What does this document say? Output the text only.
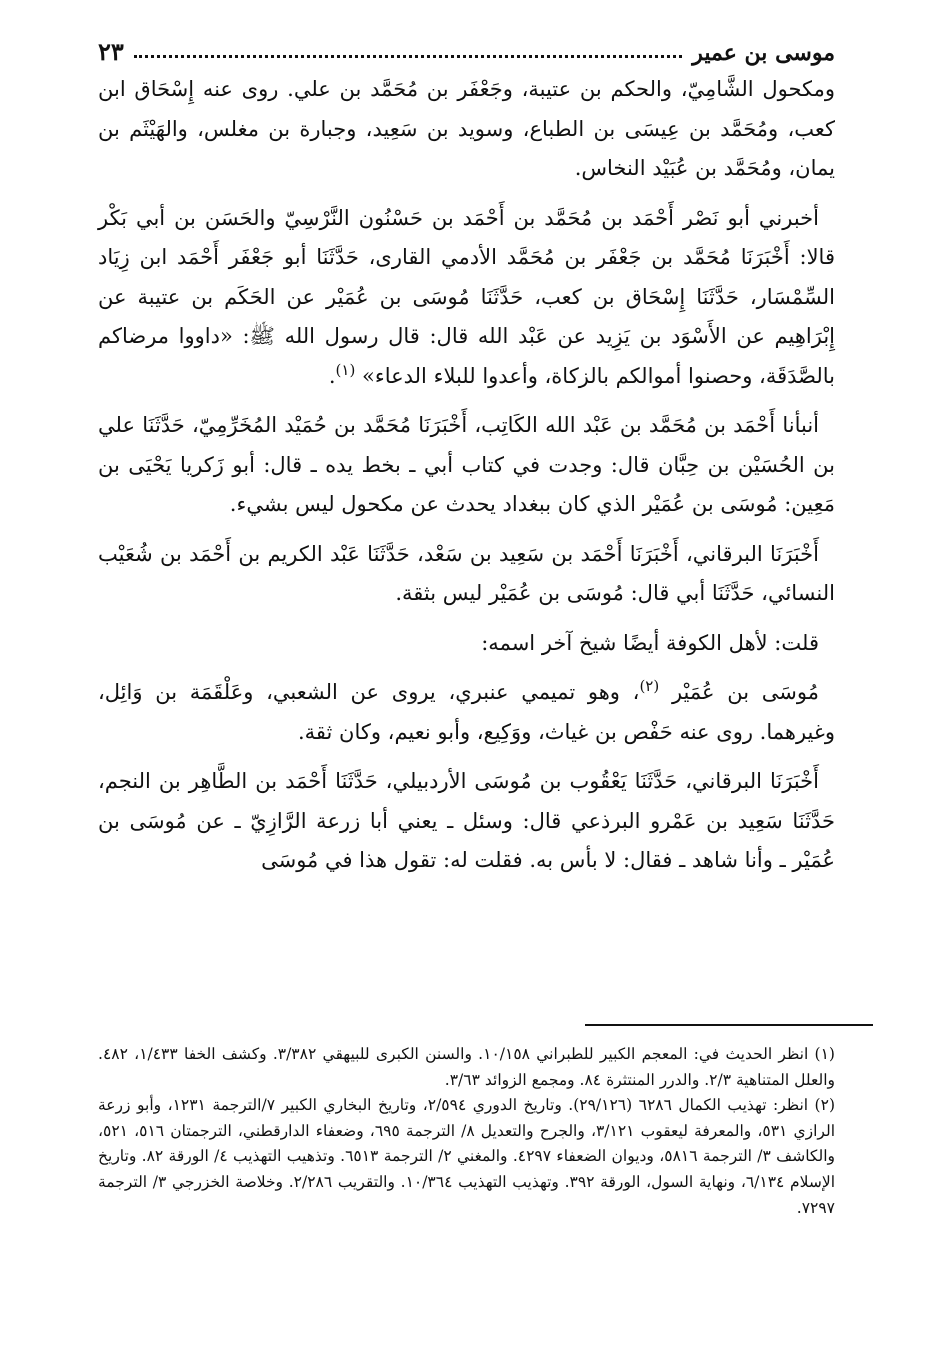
موسى بن عمير
٢٣

ومكحول الشَّامِيّ، والحكم بن عتيبة، وجَعْفَر بن مُحَمَّد بن علي. روى عنه إِسْحَاق ابن كعب، ومُحَمَّد بن عِيسَى بن الطباع، وسويد بن سَعِيد، وجبارة بن مغلس، والهَيْثَم بن يمان، ومُحَمَّد بن عُبَيْد النخاس.

أخبرني أبو نَصْر أَحْمَد بن مُحَمَّد بن أَحْمَد بن حَسْنُون النَّرْسِيّ والحَسَن بن أبي بَكْر قالا: أَخْبَرَنَا مُحَمَّد بن جَعْفَر بن مُحَمَّد الأدمي القارى، حَدَّثَنَا أبو جَعْفَر أَحْمَد ابن زِيَاد السِّمْسَار، حَدَّثَنَا إِسْحَاق بن كعب، حَدَّثَنَا مُوسَى بن عُمَيْر عن الحَكَم بن عتيبة عن إِبْرَاهِيم عن الأَسْوَد بن يَزِيد عن عَبْد الله قال: قال رسول الله ﷺ: «داووا مرضاكم بالصَّدَقَة، وحصنوا أموالكم بالزكاة، وأعدوا للبلاء الدعاء» $^{(١)}$.

أنبأنا أَحْمَد بن مُحَمَّد بن عَبْد الله الكَاتِب، أَخْبَرَنَا مُحَمَّد بن حُمَيْد المُخَرِّمِيّ، حَدَّثَنَا علي بن الحُسَيْن بن حِبَّان قال: وجدت في كتاب أبي ـ بخط يده ـ قال: أبو زَكريا يَحْيَى بن مَعِين: مُوسَى بن عُمَيْر الذي كان ببغداد يحدث عن مكحول ليس بشيء.

أَخْبَرَنَا البرقاني، أَخْبَرَنَا أَحْمَد بن سَعِيد بن سَعْد، حَدَّثَنَا عَبْد الكريم بن أَحْمَد بن شُعَيْب النسائي، حَدَّثَنَا أبي قال: مُوسَى بن عُمَيْر ليس بثقة.

قلت: لأهل الكوفة أيضًا شيخ آخر اسمه:

مُوسَى بن عُمَيْر $^{(٢)}$، وهو تميمي عنبري، يروى عن الشعبي، وعَلْقَمَة بن وَائِل، وغيرهما. روى عنه حَفْص بن غياث، ووَكِيع، وأبو نعيم، وكان ثقة.

أَخْبَرَنَا البرقاني، حَدَّثَنَا يَعْقُوب بن مُوسَى الأردبيلي، حَدَّثَنَا أَحْمَد بن الطَّاهِر بن النجم، حَدَّثَنَا سَعِيد بن عَمْرو البرذعي قال: وسئل ـ يعني أبا زرعة الرَّازِيّ ـ عن مُوسَى بن عُمَيْر ـ وأنا شاهد ـ فقال: لا بأس به. فقلت له: تقول هذا في مُوسَى

(١) انظر الحديث في: المعجم الكبير للطبراني ١٠/١٥٨. والسنن الكبرى للبيهقي ٣/٣٨٢. وكشف الخفا ١/٤٣٣، ٤٨٢. والعلل المتناهية ٢/٣. والدرر المنتثرة ٨٤. ومجمع الزوائد ٣/٦٣.

(٢) انظر: تهذيب الكمال ٦٢٨٦ (٢٩/١٢٦). وتاريخ الدوري ٢/٥٩٤، وتاريخ البخاري الكبير ٧/الترجمة ١٢٣١، وأبو زرعة الرازي ٥٣١، والمعرفة ليعقوب ٣/١٢١، والجرح والتعديل ٨/ الترجمة ٦٩٥، وضعفاء الدارقطني، الترجمتان ٥١٦، ٥٢١، والكاشف ٣/ الترجمة ٥٨١٦، وديوان الضعفاء ٤٢٩٧. والمغني ٢/ الترجمة ٦٥١٣. وتذهيب التهذيب ٤/ الورقة ٨٢. وتاريخ الإسلام ٦/١٣٤، ونهاية السول، الورقة ٣٩٢. وتهذيب التهذيب ١٠/٣٦٤. والتقريب ٢/٢٨٦. وخلاصة الخزرجي ٣/ الترجمة ٧٢٩٧.
